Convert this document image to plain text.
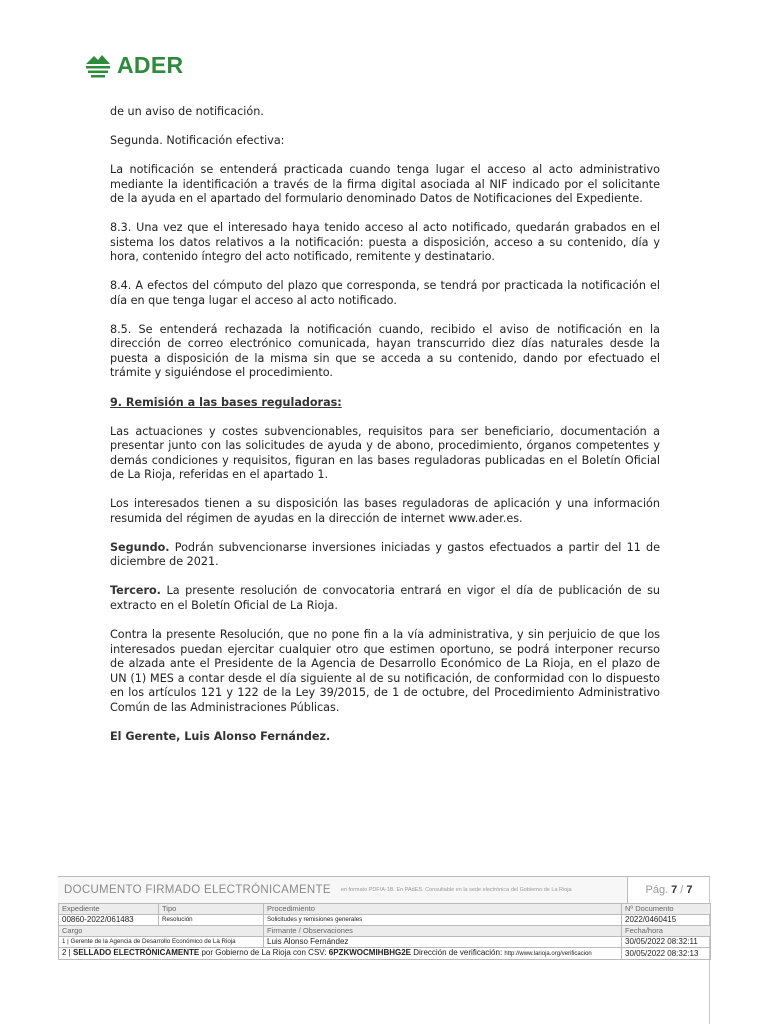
ADER

de un aviso de notificación.

Segunda. Notificación efectiva:

La notificación se entenderá practicada cuando tenga lugar el acceso al acto administrativo mediante la identificación a través de la firma digital asociada al NIF indicado por el solicitante de la ayuda en el apartado del formulario denominado Datos de Notificaciones del Expediente.

8.3. Una vez que el interesado haya tenido acceso al acto notificado, quedarán grabados en el sistema los datos relativos a la notificación: puesta a disposición, acceso a su contenido, día y hora, contenido íntegro del acto notificado, remitente y destinatario.

8.4. A efectos del cómputo del plazo que corresponda, se tendrá por practicada la notificación el día en que tenga lugar el acceso al acto notificado.

8.5. Se entenderá rechazada la notificación cuando, recibido el aviso de notificación en la dirección de correo electrónico comunicada, hayan transcurrido diez días naturales desde la puesta a disposición de la misma sin que se acceda a su contenido, dando por efectuado el trámite y siguiéndose el procedimiento.

9. Remisión a las bases reguladoras:

Las actuaciones y costes subvencionables, requisitos para ser beneficiario, documentación a presentar junto con las solicitudes de ayuda y de abono, procedimiento, órganos competentes y demás condiciones y requisitos, figuran en las bases reguladoras publicadas en el Boletín Oficial de La Rioja, referidas en el apartado 1.

Los interesados tienen a su disposición las bases reguladoras de aplicación y una información resumida del régimen de ayudas en la dirección de internet www.ader.es.

Segundo. Podrán subvencionarse inversiones iniciadas y gastos efectuados a partir del 11 de diciembre de 2021.

Tercero. La presente resolución de convocatoria entrará en vigor el día de publicación de su extracto en el Boletín Oficial de La Rioja.

Contra la presente Resolución, que no pone fin a la vía administrativa, y sin perjuicio de que los interesados puedan ejercitar cualquier otro que estimen oportuno, se podrá interponer recurso de alzada ante el Presidente de la Agencia de Desarrollo Económico de La Rioja, en el plazo de UN (1) MES a contar desde el día siguiente al de su notificación, de conformidad con lo dispuesto en los artículos 121 y 122 de la Ley 39/2015, de 1 de octubre, del Procedimiento Administrativo Común de las Administraciones Públicas.

El Gerente, Luis Alonso Fernández.

DOCUMENTO FIRMADO ELECTRÓNICAMENTE en formato PDF/A-1B. En PAdES. Consultable en la sede electrónica del Gobierno de La Rioja	Pág. 7 / 7
Expediente	Tipo	Procedimiento	Nº Documento
00860-2022/061483	Resolución	Solicitudes y remisiones generales	2022/0460415
Cargo		Firmante / Observaciones	Fecha/hora
1 | Gerente de la Agencia de Desarrollo Económico de La Rioja		Luis Alonso Fernández	30/05/2022 08:32:11
2 | SELLADO ELECTRÓNICAMENTE por Gobierno de La Rioja con CSV: 6PZKWOCMIHBHG2E Dirección de verificación: http://www.larioja.org/verificacion			30/05/2022 08:32:13
